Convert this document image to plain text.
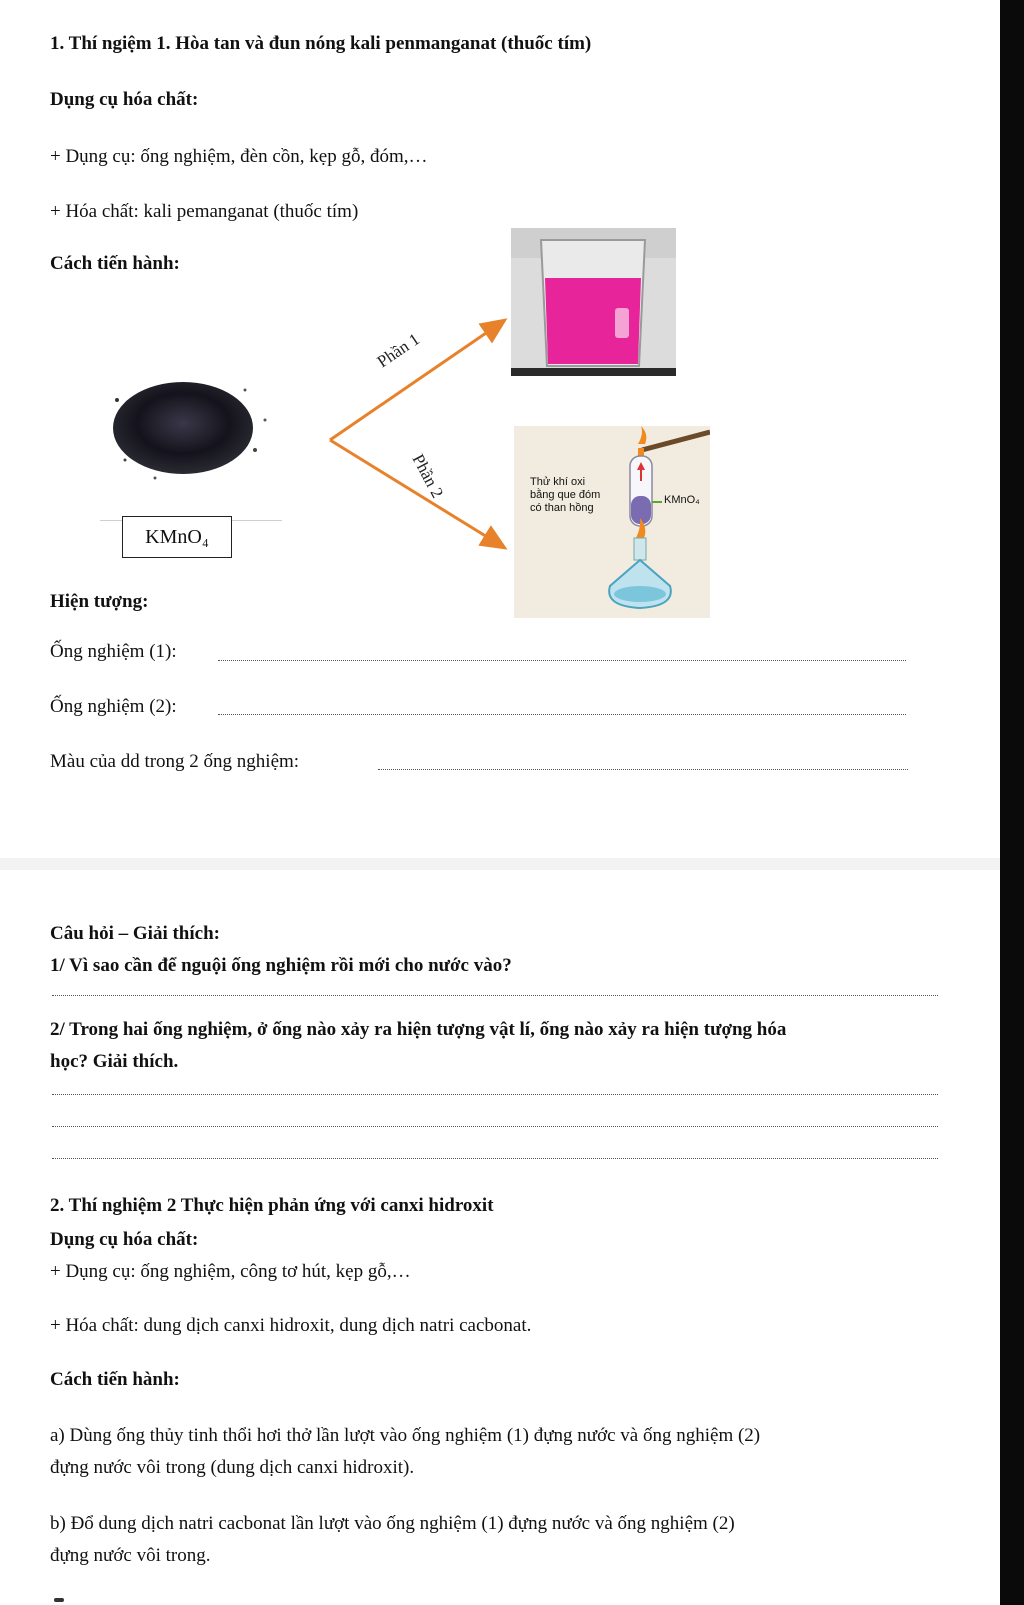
1. Thí ngiệm 1. Hòa tan và đun nóng kali penmanganat (thuốc tím)
Dụng cụ hóa chất:
+ Dụng cụ: ống nghiệm, đèn cồn, kẹp gỗ, đóm,…
+ Hóa chất: kali pemanganat (thuốc tím)
Cách tiến hành:
KMnO₄
Phần 1
Phần 2	Thử khí oxi
bằng que đóm
có than hồng
KMnO₄
Hiện tượng:
Ống nghiệm (1):
Ống nghiệm (2):
Màu của dd trong 2 ống nghiệm:
Câu hỏi – Giải thích:
1/ Vì sao cần để nguội ống nghiệm rồi mới cho nước vào?
2/ Trong hai ống nghiệm, ở ống nào xảy ra hiện tượng vật lí, ống nào xảy ra hiện tượng hóa
học? Giải thích.
2. Thí nghiệm 2 Thực hiện phản ứng với canxi hidroxit
Dụng cụ hóa chất:
+ Dụng cụ: ống nghiệm, công tơ hút, kẹp gỗ,…
+ Hóa chất: dung dịch canxi hidroxit, dung dịch natri cacbonat.
Cách tiến hành:
a) Dùng ống thủy tinh thổi hơi thở lần lượt vào ống nghiệm (1) đựng nước và ống nghiệm (2)
đựng nước vôi trong (dung dịch canxi hidroxit).
b) Đổ dung dịch natri cacbonat lần lượt vào ống nghiệm (1) đựng nước và ống nghiệm (2)
đựng nước vôi trong.
